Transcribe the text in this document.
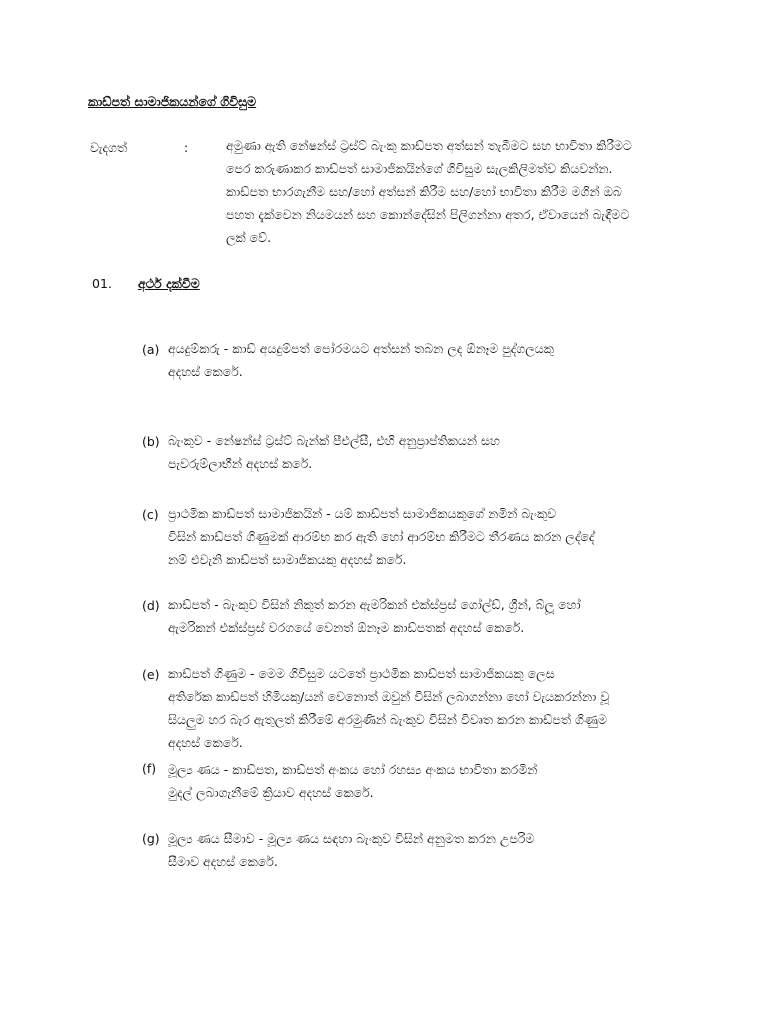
කාඩ්පත් සාමාජිකයන්ගේ ගිවිසුම
වැදගත්	:	අමුණා ඇති නේෂන්ස් ට්‍රස්ට් බැංකු කාඩ්පත අත්සන් තැබීමට සහ භාවිතා කිරීමට
පෙර කරුණාකර කාඩ්පත් සාමාජිකයින්ගේ ගිවිසුම සැලකිලිමත්ව කියවන්න.
කාඩ්පත භාරගැනීම සහ/හෝ අත්සන් කිරීම සහ/හෝ භාවිතා කිරීම මගින් ඔබ
පහත දැක්වෙන නියමයන් සහ කොන්දේසින් පිලිගන්නා අතර, ඒවායෙන් බැඳීමට
ලක් වේ.
01. අර්ථ දක්වීම
(a) අයදුම්කරු - කාඩ් අයදුම්පත් පෝරමයට අත්සන් තබන ලද ඕනෑම පුද්ගලයකු
අදහස් කෙරේ.
(b) බැංකුව - නේෂන්ස් ට්‍රස්ට් බැන්ක් පීඑල්සී, එහි අනුප්‍රාප්තිකයන් සහ
පැවරුම්ලාභීන් අදහස් කරේ.
(c) ප්‍රාථමික කාඩ්පත් සාමාජිකයින් - යම් කාඩ්පත් සාමාජිකයකුගේ නමින් බැංකුව
විසින් කාඩ්පත් ගිණුමක් ආරම්භ කර ඇති හෝ ආරම්භ කිරීමට තීරණය කරන ලද්දේ
නම් එවැනි කාඩ්පත් සාමාජිකයකු අදහස් කරේ.
(d) කාඩ්පත් - බැංකුව විසින් නිකුත් කරන ඇමරිකන් එක්ස්ප්‍රස් ගෝල්ඩ්, ග්‍රීන්, බ්ලූ හෝ
ඇමරිකන් එක්ස්ප්‍රස් වරගයේ වෙනත් ඕනෑම කාඩ්පතක් අදහස් කෙරේ.
(e) කාඩ්පත් ගිණුම - මෙම ගිවිසුම යටතේ ප්‍රාථමික කාඩ්පත් සාමාජිකයකු ලෙස
අතිරේක කාඩ්පත් හිමියකු/යන් වෙනොත් ඔවුන් විසින් ලබාගන්නා හෝ වැයකරන්නා වූ
සියලුම හර බැර ඇතුලත් කිරීමේ අරමුණින් බැංකුව විසින් විවෘත කරන කාඩ්පත් ගිණුම
අදහස් කෙරේ.
(f) මූල්‍ය ණය - කාඩ්පත, කාඩ්පත් අංකය හෝ රහස්‍ය අංකය භාවිතා කරමින්
මුදල් ලබාගැනීමේ ක්‍රියාව අදහස් කෙරේ.
(g) මූල්‍ය ණය සීමාව - මූල්‍ය ණය සඳහා බැංකුව විසින් අනුමත කරන උපරිම
සීමාව අදහස් කෙරේ.
